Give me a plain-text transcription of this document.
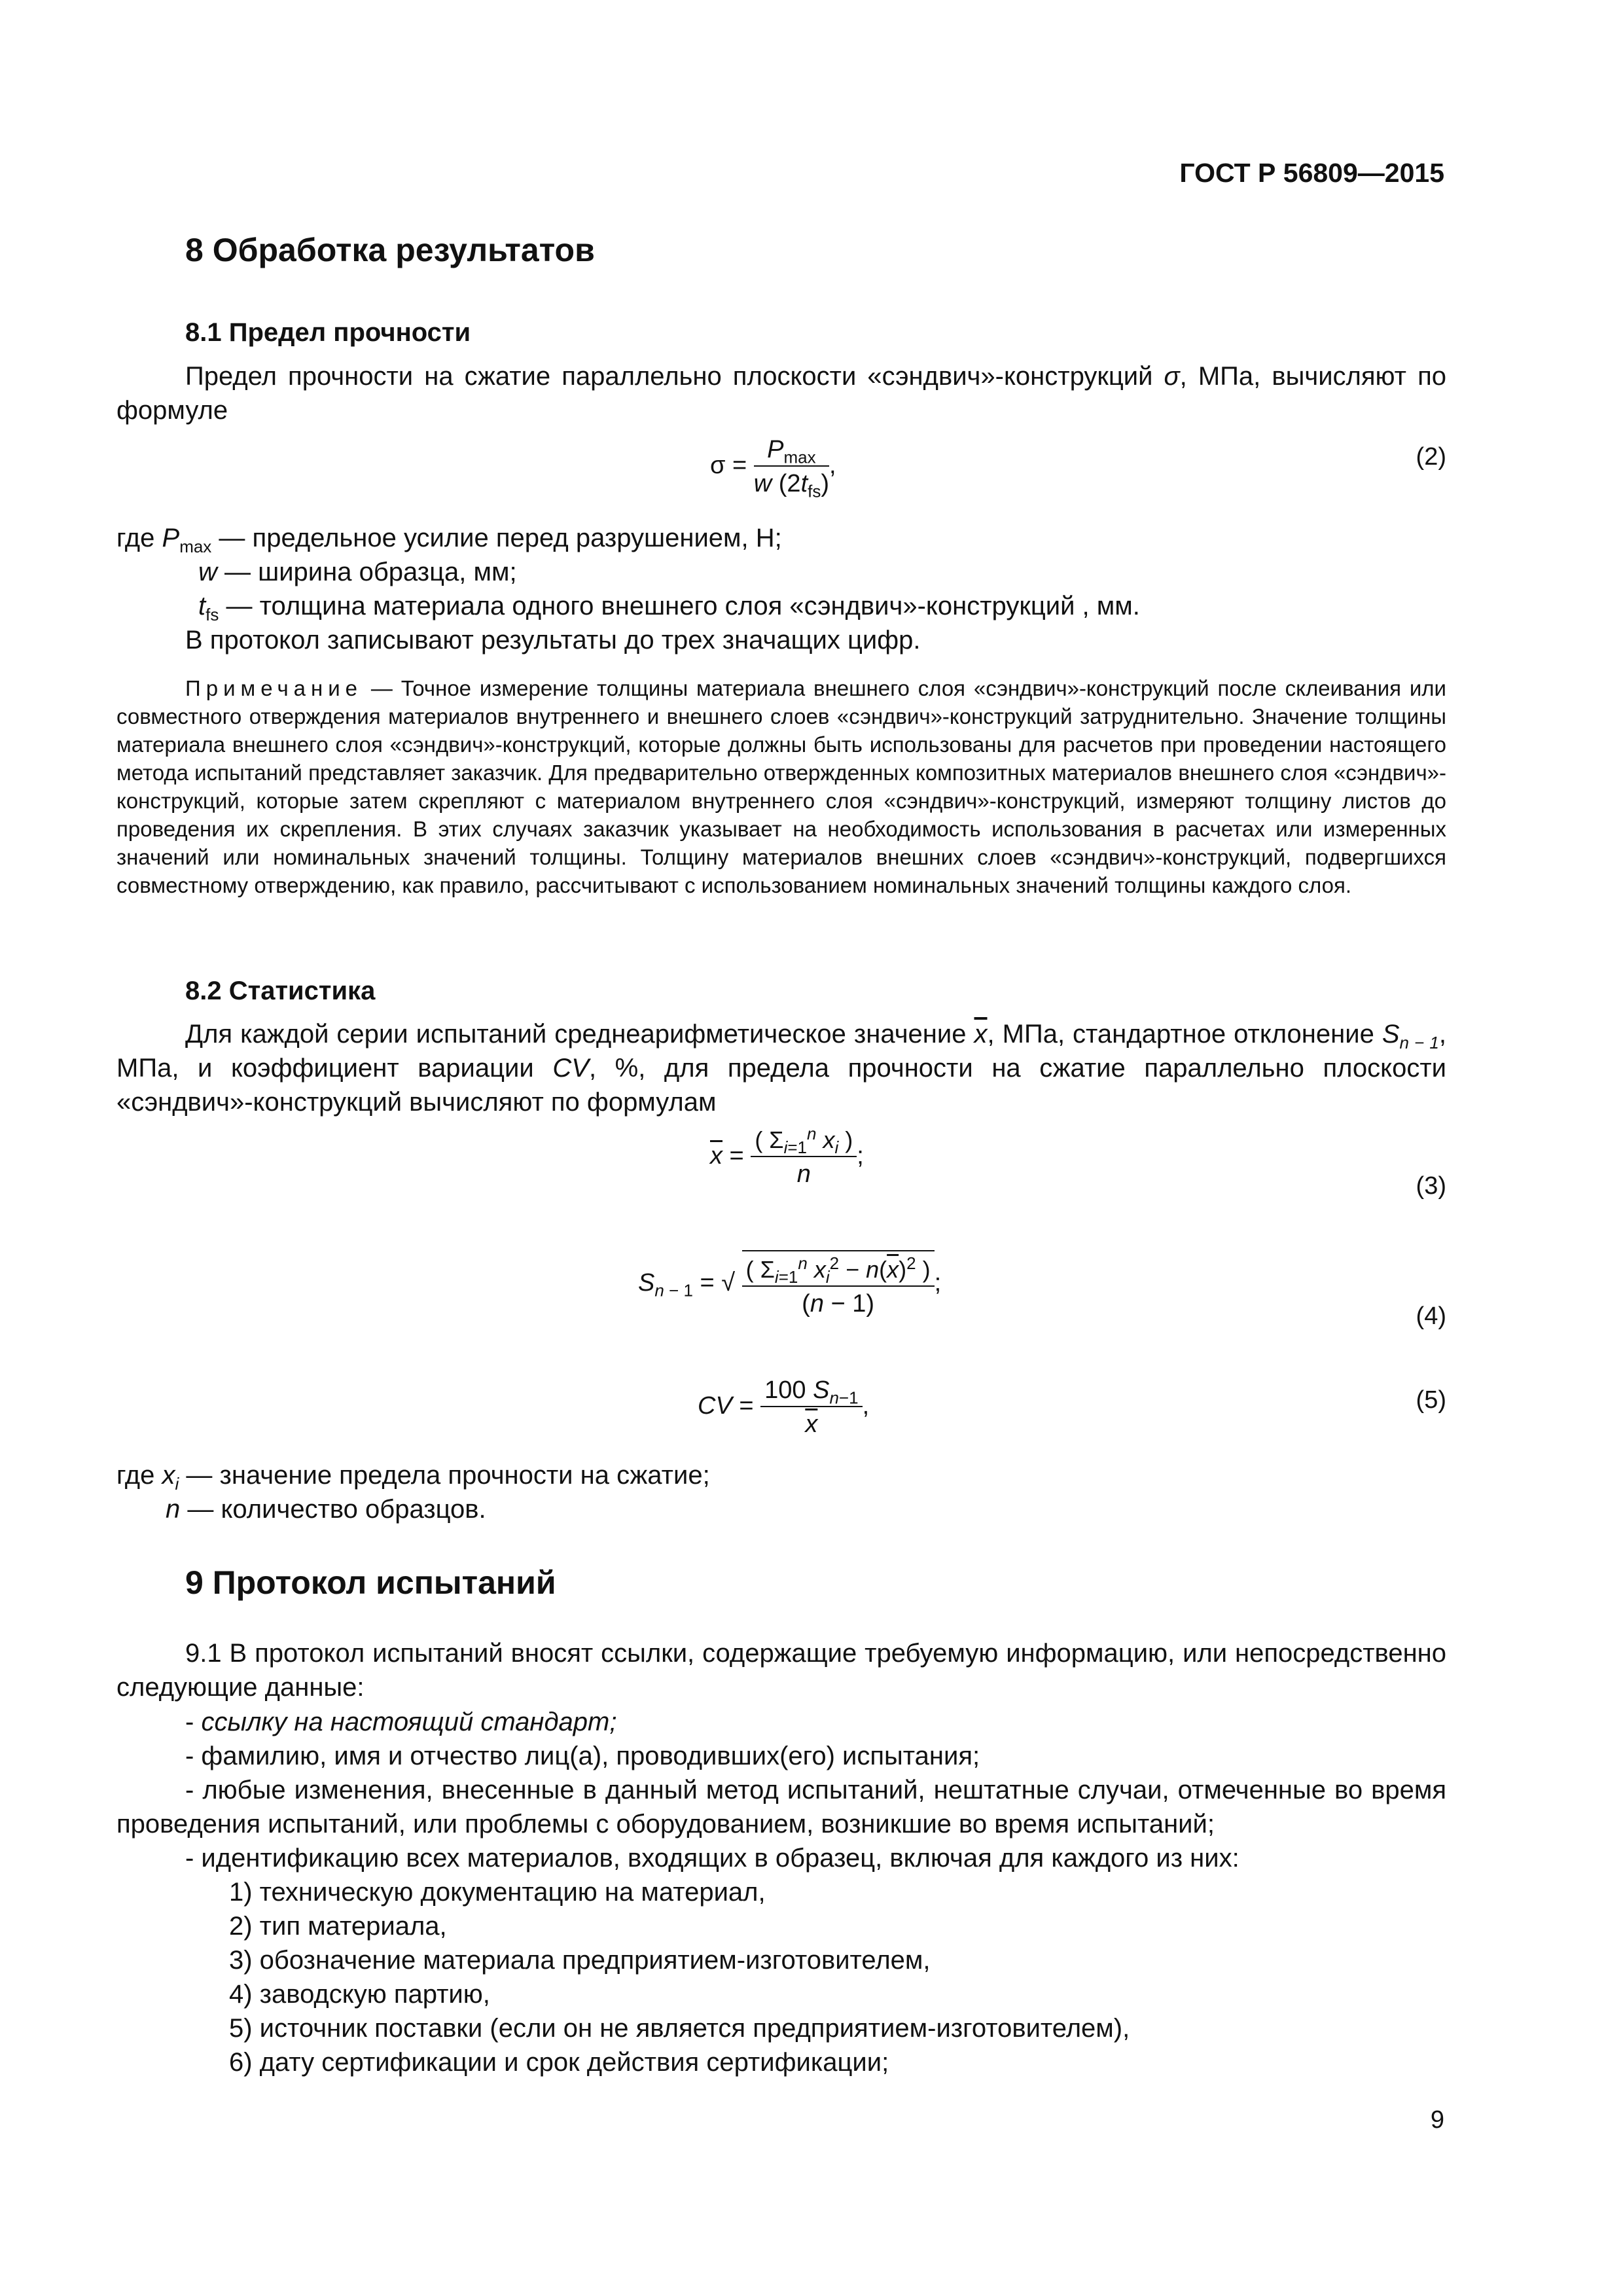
ГОСТ Р 56809—2015
8 Обработка результатов
8.1 Предел прочности

Предел прочности на сжатие параллельно плоскости «сэндвич»-конструкций σ, МПа, вычисляют по формуле

$\sigma = \frac{P_{max}}{w (2t_{fs})}$ ,	(2)
где $P_{max}$ — предельное усилие перед разрушением, Н;
w — ширина образца, мм;
$t_{fs}$ — толщина материала одного внешнего слоя «сэндвич»-конструкций , мм.
В протокол записывают результаты до трех значащих цифр.

Примечание — Точное измерение толщины материала внешнего слоя «сэндвич»-конструкций после склеивания или совместного отверждения материалов внутреннего и внешнего слоев «сэндвич»-конструкций затруднительно. Значение толщины материала внешнего слоя «сэндвич»-конструкций, которые должны быть использованы для расчетов при проведении настоящего метода испытаний представляет заказчик. Для предварительно отвержденных композитных материалов внешнего слоя «сэндвич»-конструкций, которые затем скрепляют с материалом внутреннего слоя «сэндвич»-конструкций, измеряют толщину листов до проведения их скрепления. В этих случаях заказчик указывает на необходимость использования в расчетах или измеренных значений или номинальных значений толщины. Толщину материалов внешних слоев «сэндвич»-конструкций, подвергшихся совместному отверждению, как правило, рассчитывают с использованием номинальных значений толщины каждого слоя.

8.2 Статистика

Для каждой серии испытаний среднеарифметическое значение $\overline{x}$, МПа, стандартное отклонение $S_{n - 1}$, МПа, и коэффициент вариации CV, %, для предела прочности на сжатие параллельно плоскости «сэндвич»-конструкций вычисляют по формулам

$\overline{x} = \frac{( \Sigma_{i=1}^n x_i )}{n}$ ;
(3)
$S_{n - 1}$ = √ $\frac{( \Sigma_{i=1}^n x_i^2 - n(\overline{x})^2 )}{(n - 1)}$ ;
(4)
CV = $\frac{100 S_{n-1}}{x}$ ,	(5)
где $x_i$ — значение предела прочности на сжатие;
n — количество образцов.
9 Протокол испытаний

9.1 В протокол испытаний вносят ссылки, содержащие требуемую информацию, или непосредственно следующие данные:

- ссылку на настоящий стандарт;
- фамилию, имя и отчество лиц(а), проводивших(его) испытания;

- любые изменения, внесенные в данный метод испытаний, нештатные случаи, отмеченные во время проведения испытаний, или проблемы с оборудованием, возникшие во время испытаний;

- идентификацию всех материалов, входящих в образец, включая для каждого из них:
1) техническую документацию на материал,
2) тип материала,
3) обозначение материала предприятием-изготовителем,
4) заводскую партию,
5) источник поставки (если он не является предприятием-изготовителем),
6) дату сертификации и срок действия сертификации;
9
